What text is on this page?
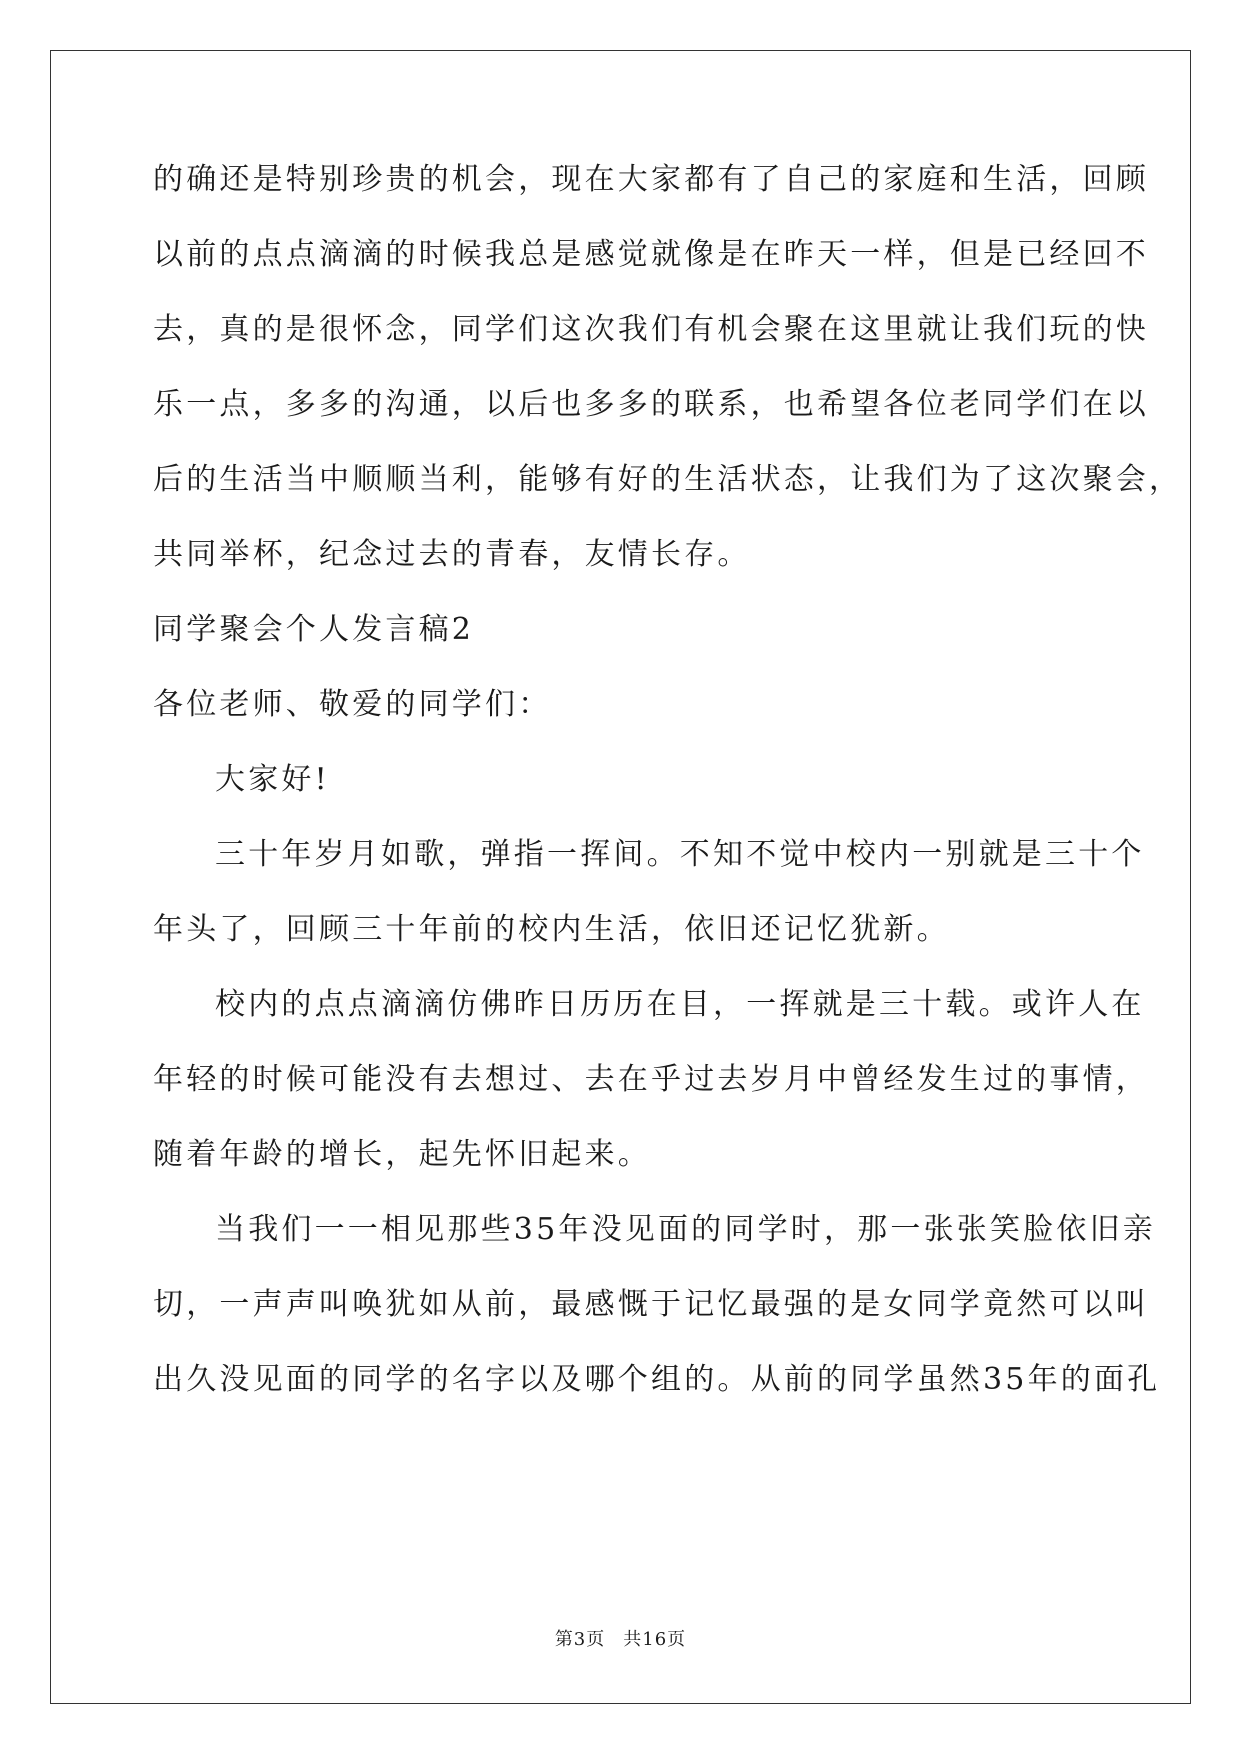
的确还是特别珍贵的机会，现在大家都有了自己的家庭和生活，回顾
以前的点点滴滴的时候我总是感觉就像是在昨天一样，但是已经回不
去，真的是很怀念，同学们这次我们有机会聚在这里就让我们玩的快
乐一点，多多的沟通，以后也多多的联系，也希望各位老同学们在以
后的生活当中顺顺当利，能够有好的生活状态，让我们为了这次聚会，
共同举杯，纪念过去的青春，友情长存。
同学聚会个人发言稿2
各位老师、敬爱的同学们：
大家好!
三十年岁月如歌，弹指一挥间。不知不觉中校内一别就是三十个
年头了，回顾三十年前的校内生活，依旧还记忆犹新。
校内的点点滴滴仿佛昨日历历在目，一挥就是三十载。或许人在
年轻的时候可能没有去想过、去在乎过去岁月中曾经发生过的事情，
随着年龄的增长，起先怀旧起来。
当我们一一相见那些35年没见面的同学时，那一张张笑脸依旧亲
切，一声声叫唤犹如从前，最感慨于记忆最强的是女同学竟然可以叫
出久没见面的同学的名字以及哪个组的。从前的同学虽然35年的面孔
第3页 共16页
